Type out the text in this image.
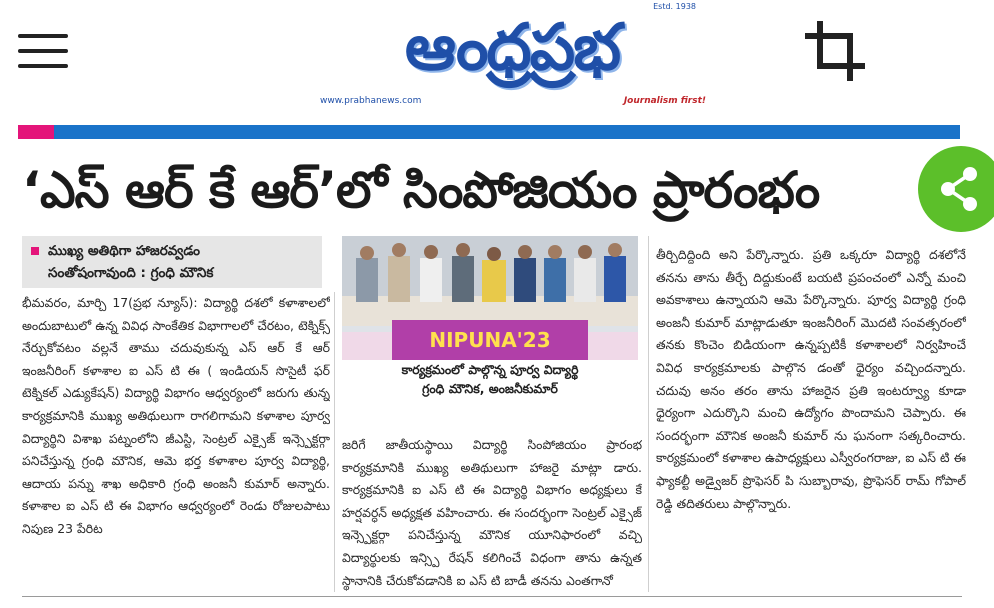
Estd. 1938
ఆంధ్రప్రభ
www.prabhanews.com	Journalism first!
‘ఎస్ ఆర్ కే ఆర్’లో సింపోజియం ప్రారంభం
ముఖ్య అతిథిగా హాజరవ్వడం
సంతోషంగావుంది : గ్రంధి మౌనిక

భీమవరం, మార్చి 17(ప్రభ న్యూస్): విద్యార్థి దశలో కళాశాలలో అందుబాటులో ఉన్న వివిధ సాంకేతిక విభాగాలలో చేరటం, టెక్నిక్స్ నేర్చుకోవటం వల్లనే తాము చదువుకున్న ఎస్ ఆర్ కే ఆర్ ఇంజనీరింగ్ కళాశాల ఐ ఎస్ టి ఈ ( ఇండియన్ సొసైటీ ఫర్ టెక్నికల్ ఎడ్యుకేషన్) విద్యార్థి విభాగం ఆధ్వర్యంలో జరుగు తున్న కార్యక్రమానికి ముఖ్య అతిథులుగా రాగలిగామని కళాశాల పూర్వ విద్యార్థిని విశాఖ పట్నంలోని జీఎస్టి, సెంట్రల్ ఎక్సైజ్ ఇన్స్పెక్టర్గా పనిచేస్తున్న గ్రంధి మౌనిక, ఆమె భర్త కళాశాల పూర్వ విద్యార్థి, ఆదాయ పన్ను శాఖ అధికారి గ్రంధి అంజనీ కుమార్ అన్నారు. కళాశాల ఐ ఎస్ టి ఈ విభాగం ఆధ్వర్యంలో రెండు రోజులపాటు నిపుణ 23 పేరిట

NIPUNA'23
కార్యక్రమంలో పాల్గొన్న పూర్వ విద్యార్థి
గ్రంధి మౌనిక, అంజనీకుమార్

జరిగే జాతీయస్థాయి విద్యార్థి సింపోజియం ప్రారంభ కార్యక్రమానికి ముఖ్య అతిథులుగా హాజరై మాట్లా డారు. కార్యక్రమానికి ఐ ఎస్ టి ఈ విద్యార్థి విభాగం అధ్యక్షులు కే హర్షవర్ధన్ అధ్యక్షత వహించారు. ఈ సందర్భంగా సెంట్రల్ ఎక్సైజ్ ఇన్స్పెక్టర్గా పనిచేస్తున్న మౌనిక యూనిఫారంలో వచ్చి విద్యార్థులకు ఇన్స్పి రేషన్ కలిగించే విధంగా తాను ఉన్నత స్థానానికి చేరుకోవడానికి ఐ ఎస్ టి బాడీ తనను ఎంతగానో

తీర్చిదిద్దింది అని పేర్కొన్నారు. ప్రతి ఒక్కరూ విద్యార్థి దశలోనే తనను తాను తీర్చే దిద్దుకుంటే బయటి ప్రపంచంలో ఎన్నో మంచి అవకాశాలు ఉన్నాయని ఆమె పేర్కొన్నారు. పూర్వ విద్యార్థి గ్రంధి అంజనీ కుమార్ మాట్లాడుతూ ఇంజనీరింగ్ మొదటి సంవత్సరంలో తనకు కొంచెం బిడియంగా ఉన్నప్పటికీ కళాశాలలో నిర్వహించే వివిధ కార్యక్రమాలకు పాల్గొన డంతో ధైర్యం వచ్చిందన్నారు. చదువు అనం తరం తాను హాజరైన ప్రతి ఇంటర్వ్యూ కూడా ధైర్యంగా ఎదుర్కొని మంచి ఉద్యోగం పొందామని చెప్పారు. ఈ సందర్భంగా మౌనిక అంజనీ కుమార్ ను ఘనంగా సత్కరించారు. కార్యక్రమంలో కళాశాల ఉపాధ్యక్షులు ఎస్వీరంగరాజు, ఐ ఎస్ టి ఈ ఫ్యాకల్టీ అడ్వైజర్ ప్రొఫెసర్ పి సుబ్బారావు, ప్రొఫెసర్ రామ్ గోపాల్ రెడ్డి తదితరులు పాల్గొన్నారు.
